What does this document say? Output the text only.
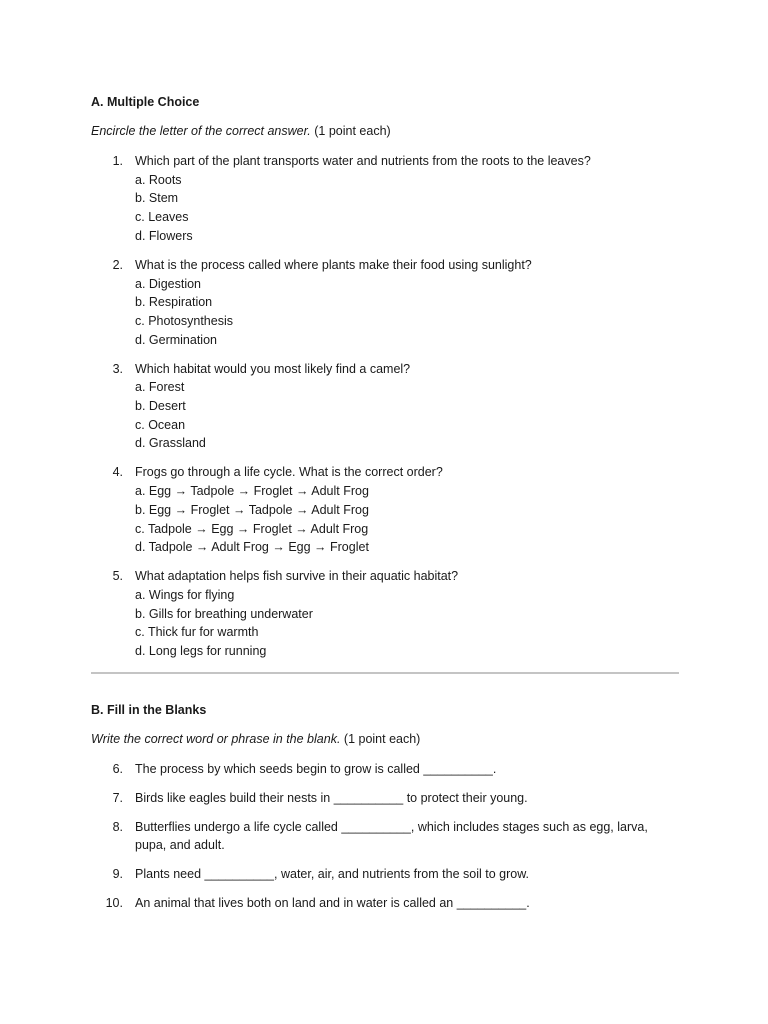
A. Multiple Choice

Encircle the letter of the correct answer. (1 point each)

1. Which part of the plant transports water and nutrients from the roots to the leaves?
a. Roots
b. Stem
c. Leaves
d. Flowers
2. What is the process called where plants make their food using sunlight?
a. Digestion
b. Respiration
c. Photosynthesis
d. Germination
3. Which habitat would you most likely find a camel?
a. Forest
b. Desert
c. Ocean
d. Grassland
4. Frogs go through a life cycle. What is the correct order?
a. Egg → Tadpole → Froglet → Adult Frog
b. Egg → Froglet → Tadpole → Adult Frog
c. Tadpole → Egg → Froglet → Adult Frog
d. Tadpole → Adult Frog → Egg → Froglet
5. What adaptation helps fish survive in their aquatic habitat?
a. Wings for flying
b. Gills for breathing underwater
c. Thick fur for warmth
d. Long legs for running
B. Fill in the Blanks

Write the correct word or phrase in the blank. (1 point each)

6. The process by which seeds begin to grow is called __________.
7. Birds like eagles build their nests in __________ to protect their young.
8. Butterflies undergo a life cycle called __________, which includes stages such as egg, larva, pupa, and adult.
9. Plants need __________, water, air, and nutrients from the soil to grow.
10. An animal that lives both on land and in water is called an __________.
